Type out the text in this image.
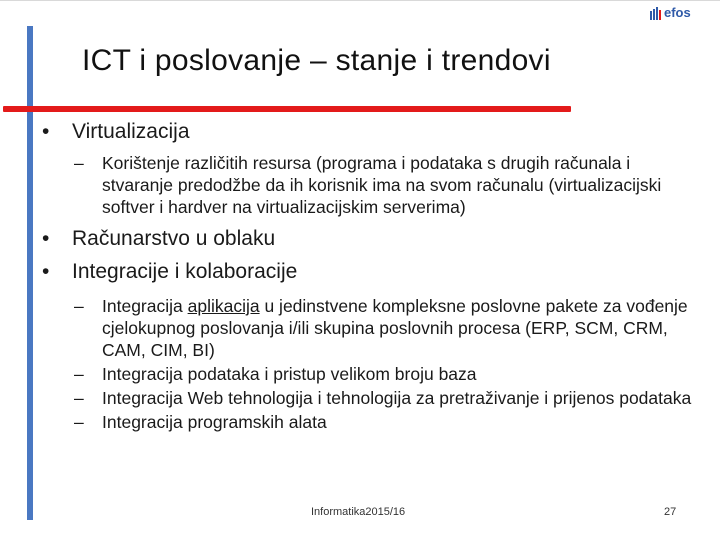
efos
ICT i poslovanje – stanje i trendovi
• Virtualizacija
– Korištenje različitih resursa (programa i podataka s drugih računala i stvaranje predodžbe da ih korisnik ima na svom računalu (virtualizacijski softver i hardver na virtualizacijskim serverima)
• Računarstvo u oblaku
• Integracije i kolaboracije
– Integracija aplikacija u jedinstvene kompleksne poslovne pakete za vođenje cjelokupnog poslovanja i/ili skupina poslovnih procesa (ERP, SCM, CRM, CAM, CIM, BI)
– Integracija podataka i pristup velikom broju baza
– Integracija Web tehnologija i tehnologija za pretraživanje i prijenos podataka
– Integracija programskih alata
Informatika2015/16	27
